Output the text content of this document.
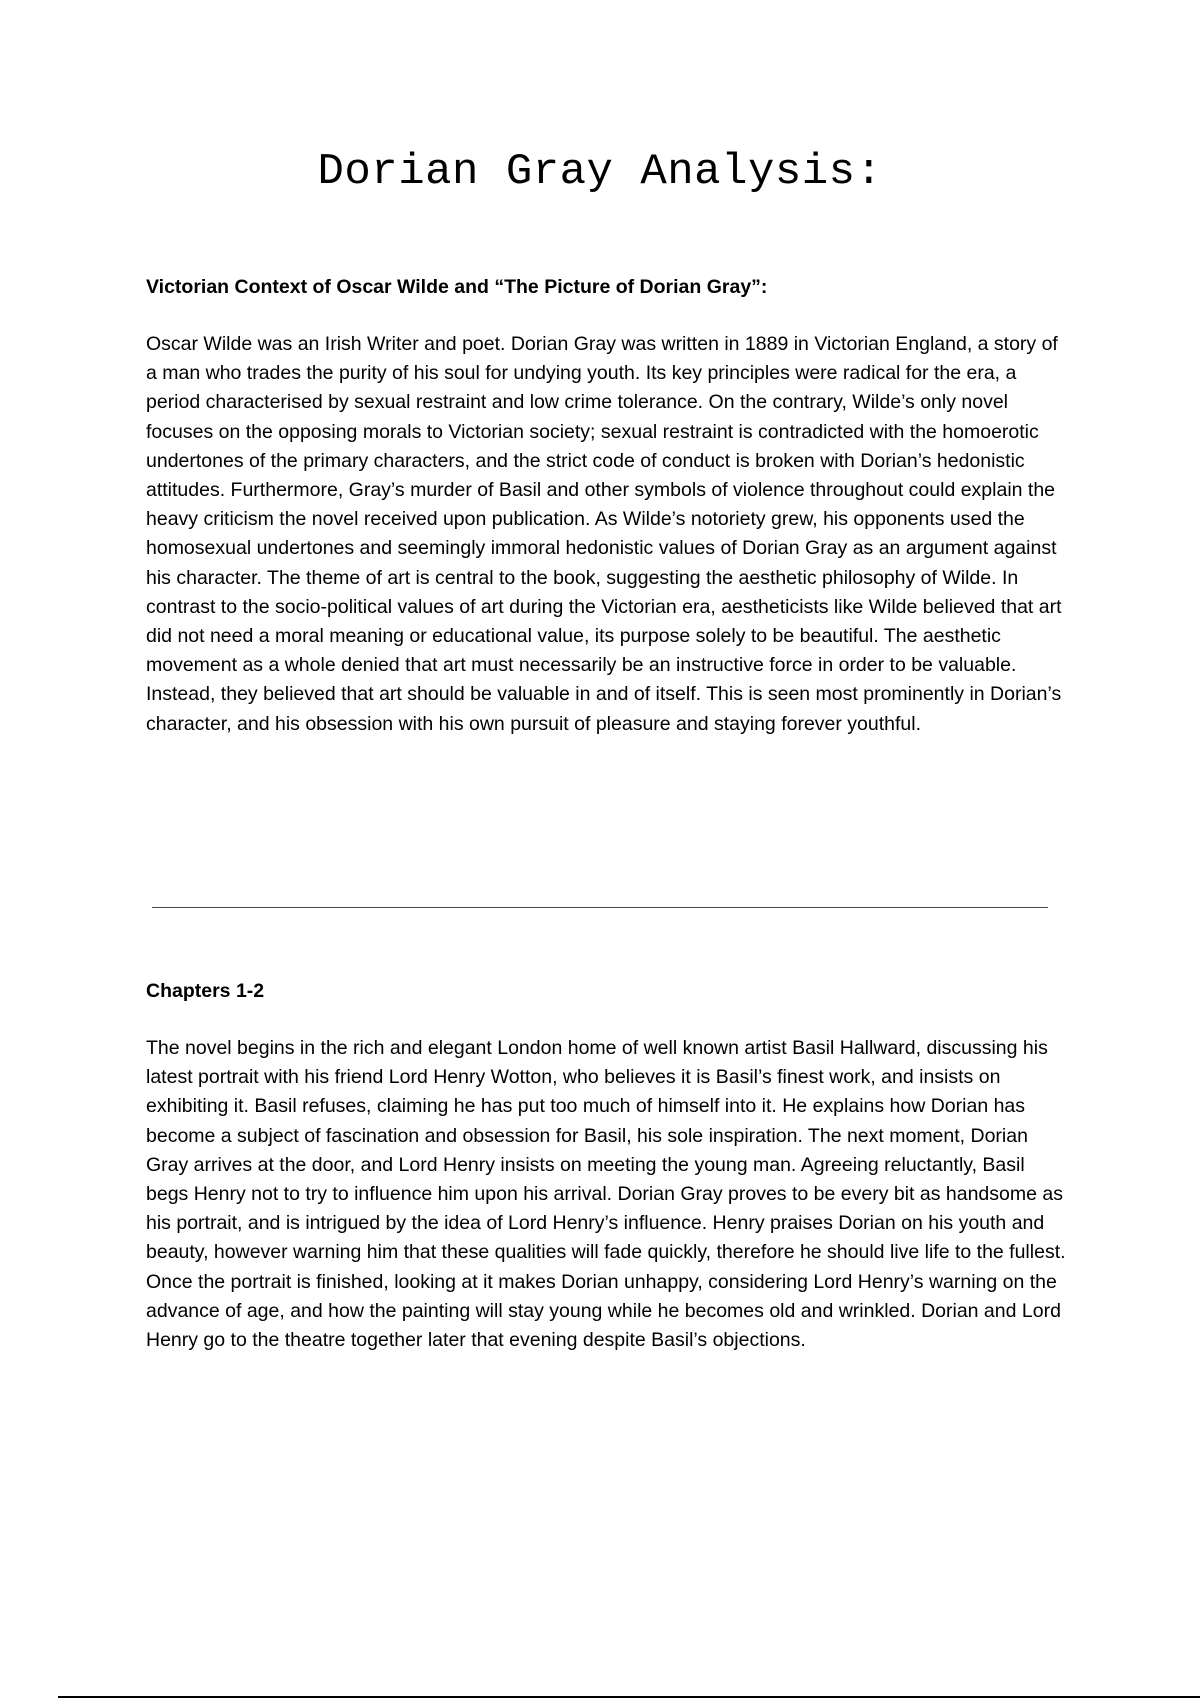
Dorian Gray Analysis:
Victorian Context of Oscar Wilde and “The Picture of Dorian Gray”:

Oscar Wilde was an Irish Writer and poet. Dorian Gray was written in 1889 in Victorian England, a story of a man who trades the purity of his soul for undying youth. Its key principles were radical for the era, a period characterised by sexual restraint and low crime tolerance. On the contrary, Wilde’s only novel focuses on the opposing morals to Victorian society; sexual restraint is contradicted with the homoerotic undertones of the primary characters, and the strict code of conduct is broken with Dorian’s hedonistic attitudes. Furthermore, Gray’s murder of Basil and other symbols of violence throughout could explain the heavy criticism the novel received upon publication. As Wilde’s notoriety grew, his opponents used the homosexual undertones and seemingly immoral hedonistic values of Dorian Gray as an argument against his character. The theme of art is central to the book, suggesting the aesthetic philosophy of Wilde. In contrast to the socio-political values of art during the Victorian era, aestheticists like Wilde believed that art did not need a moral meaning or educational value, its purpose solely to be beautiful. The aesthetic movement as a whole denied that art must necessarily be an instructive force in order to be valuable. Instead, they believed that art should be valuable in and of itself. This is seen most prominently in Dorian’s character, and his obsession with his own pursuit of pleasure and staying forever youthful.

Chapters 1-2

The novel begins in the rich and elegant London home of well known artist Basil Hallward, discussing his latest portrait with his friend Lord Henry Wotton, who believes it is Basil’s finest work, and insists on exhibiting it. Basil refuses, claiming he has put too much of himself into it. He explains how Dorian has become a subject of fascination and obsession for Basil, his sole inspiration. The next moment, Dorian Gray arrives at the door, and Lord Henry insists on meeting the young man. Agreeing reluctantly, Basil begs Henry not to try to influence him upon his arrival. Dorian Gray proves to be every bit as handsome as his portrait, and is intrigued by the idea of Lord Henry’s influence. Henry praises Dorian on his youth and beauty, however warning him that these qualities will fade quickly, therefore he should live life to the fullest. Once the portrait is finished, looking at it makes Dorian unhappy, considering Lord Henry’s warning on the advance of age, and how the painting will stay young while he becomes old and wrinkled. Dorian and Lord Henry go to the theatre together later that evening despite Basil’s objections.
